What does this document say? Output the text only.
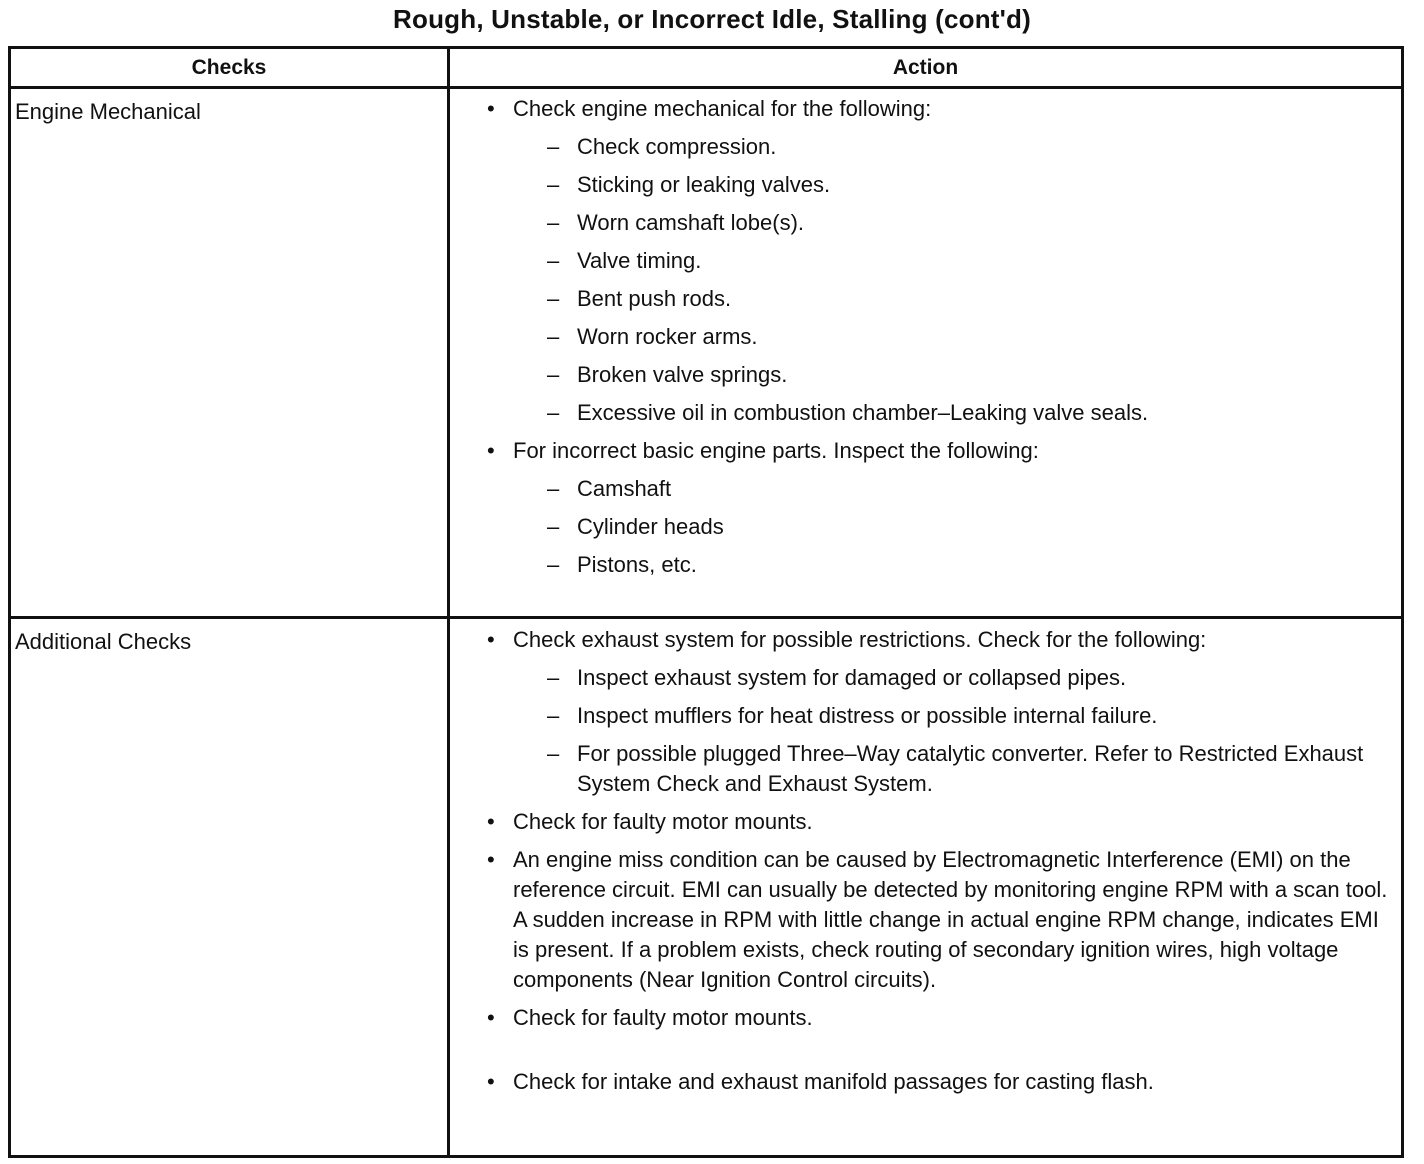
Rough, Unstable, or Incorrect Idle, Stalling (cont'd)
Checks	Action
Engine Mechanical	• Check engine mechanical for the following:
– Check compression.
– Sticking or leaking valves.
– Worn camshaft lobe(s).
– Valve timing.
– Bent push rods.
– Worn rocker arms.
– Broken valve springs.
– Excessive oil in combustion chamber–Leaking valve seals.
• For incorrect basic engine parts. Inspect the following:
– Camshaft
– Cylinder heads
– Pistons, etc.
Additional Checks	• Check exhaust system for possible restrictions. Check for the following:
– Inspect exhaust system for damaged or collapsed pipes.
– Inspect mufflers for heat distress or possible internal failure.
– For possible plugged Three–Way catalytic converter. Refer to Restricted Exhaust System Check and Exhaust System.
• Check for faulty motor mounts.
• An engine miss condition can be caused by Electromagnetic Interference (EMI) on the reference circuit. EMI can usually be detected by monitoring engine RPM with a scan tool. A sudden increase in RPM with little change in actual engine RPM change, indicates EMI is present. If a problem exists, check routing of secondary ignition wires, high voltage components (Near Ignition Control circuits).
• Check for faulty motor mounts.
• Check for intake and exhaust manifold passages for casting flash.
